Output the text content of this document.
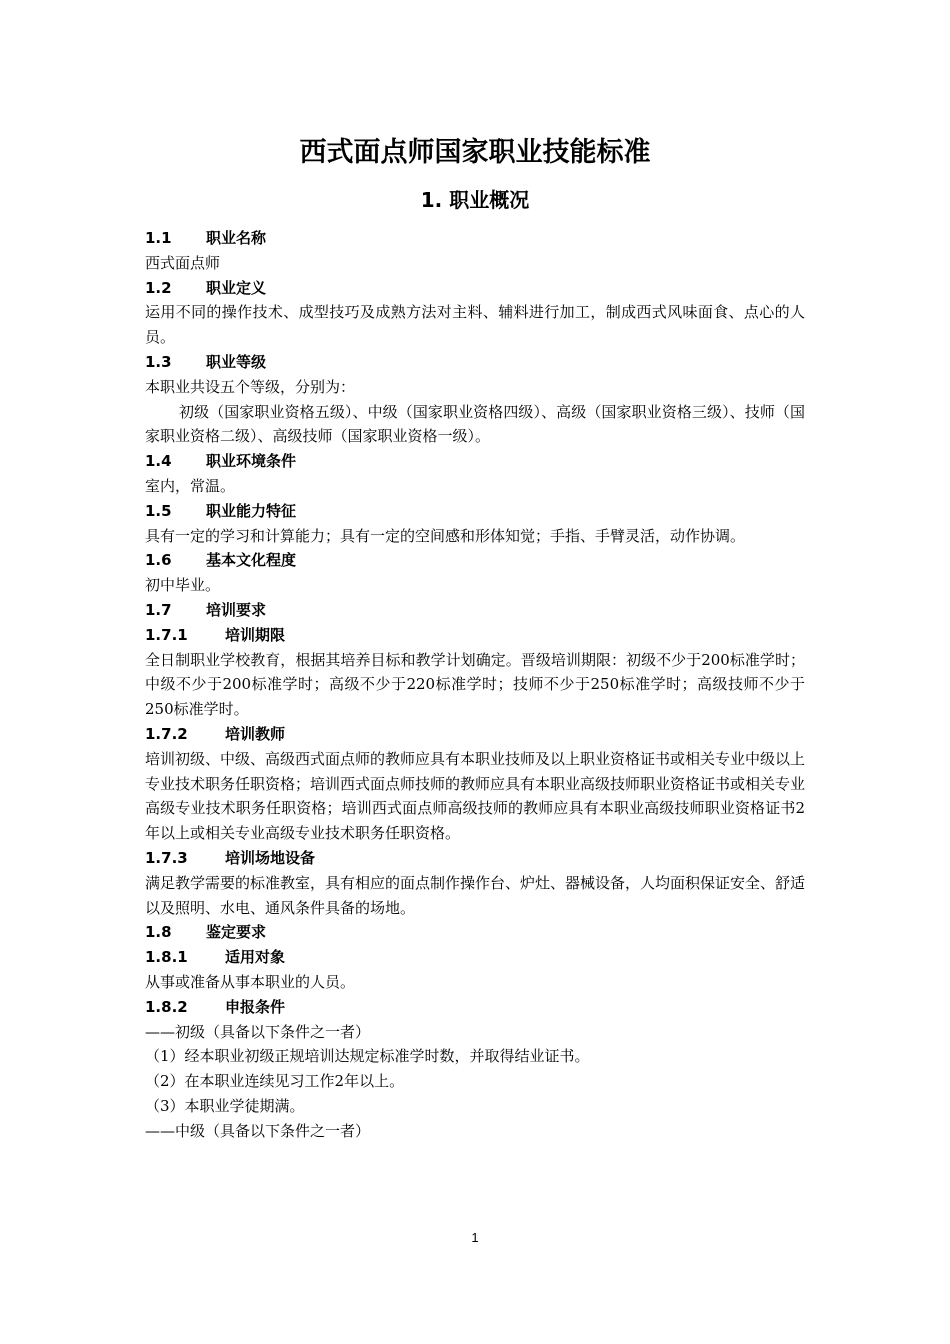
西式面点师国家职业技能标准
1. 职业概况
1.1 职业名称
西式面点师
1.2 职业定义
运用不同的操作技术、成型技巧及成熟方法对主料、辅料进行加工，制成西式风味面食、点心的人员。
1.3 职业等级
本职业共设五个等级，分别为：
初级（国家职业资格五级）、中级（国家职业资格四级）、高级（国家职业资格三级）、技师（国家职业资格二级）、高级技师（国家职业资格一级）。
1.4 职业环境条件
室内，常温。
1.5 职业能力特征
具有一定的学习和计算能力；具有一定的空间感和形体知觉；手指、手臂灵活，动作协调。
1.6 基本文化程度
初中毕业。
1.7 培训要求
1.7.1 培训期限
全日制职业学校教育，根据其培养目标和教学计划确定。晋级培训期限：初级不少于200标准学时；中级不少于200标准学时；高级不少于220标准学时；技师不少于250标准学时；高级技师不少于250标准学时。
1.7.2 培训教师
培训初级、中级、高级西式面点师的教师应具有本职业技师及以上职业资格证书或相关专业中级以上专业技术职务任职资格；培训西式面点师技师的教师应具有本职业高级技师职业资格证书或相关专业高级专业技术职务任职资格；培训西式面点师高级技师的教师应具有本职业高级技师职业资格证书2年以上或相关专业高级专业技术职务任职资格。
1.7.3 培训场地设备
满足教学需要的标准教室，具有相应的面点制作操作台、炉灶、器械设备，人均面积保证安全、舒适以及照明、水电、通风条件具备的场地。
1.8 鉴定要求
1.8.1 适用对象
从事或准备从事本职业的人员。
1.8.2 申报条件
——初级（具备以下条件之一者）
（1）经本职业初级正规培训达规定标准学时数，并取得结业证书。
（2）在本职业连续见习工作2年以上。
（3）本职业学徒期满。
——中级（具备以下条件之一者）
1
